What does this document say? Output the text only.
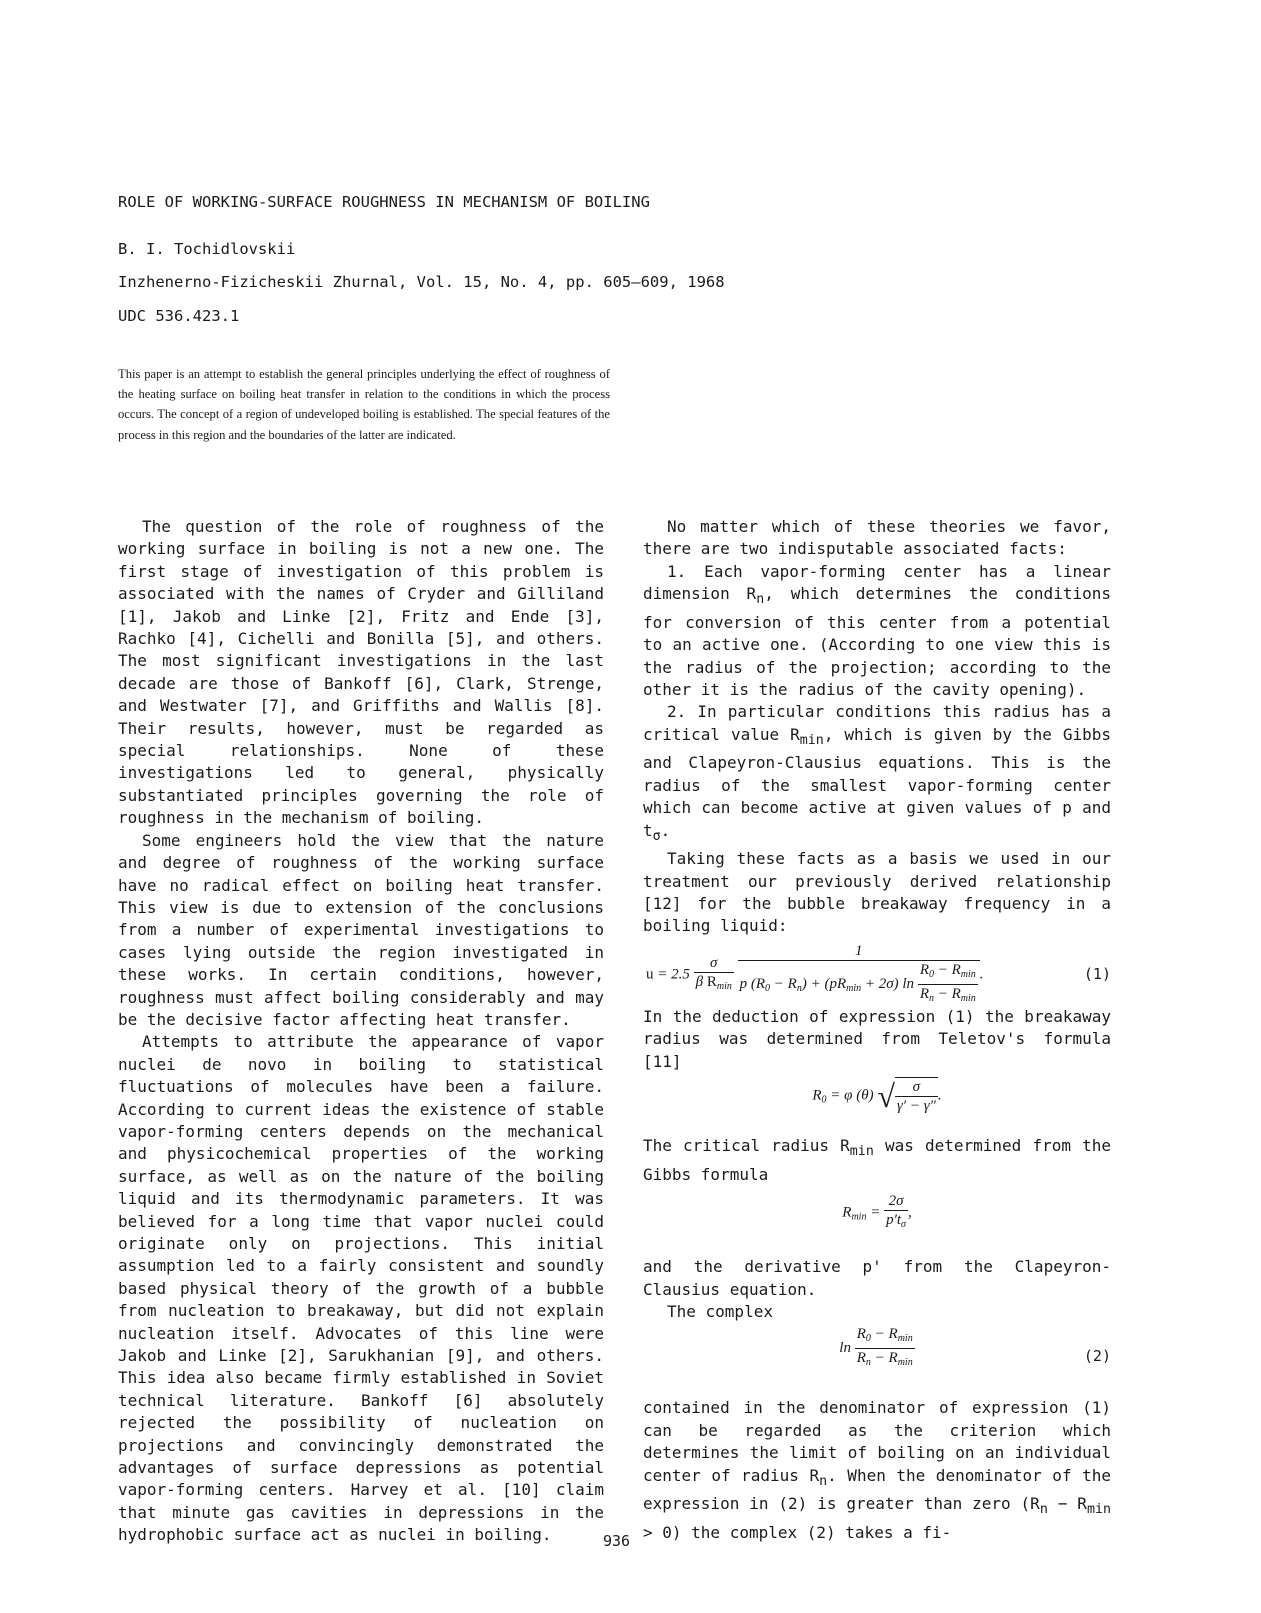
ROLE OF WORKING-SURFACE ROUGHNESS IN MECHANISM OF BOILING
B. I. Tochidlovskii
Inzhenerno-Fizicheskii Zhurnal, Vol. 15, No. 4, pp. 605–609, 1968
UDC 536.423.1

This paper is an attempt to establish the general principles underlying the effect of roughness of the heating surface on boiling heat transfer in relation to the conditions in which the process occurs. The concept of a region of undeveloped boiling is established. The special features of the process in this region and the boundaries of the latter are indicated.

The question of the role of roughness of the working surface in boiling is not a new one. The first stage of investigation of this problem is associated with the names of Cryder and Gilliland [1], Jakob and Linke [2], Fritz and Ende [3], Rachko [4], Cichelli and Bonilla [5], and others. The most significant investigations in the last decade are those of Bankoff [6], Clark, Strenge, and Westwater [7], and Griffiths and Wallis [8]. Their results, however, must be regarded as special relationships. None of these investigations led to general, physically substantiated principles governing the role of roughness in the mechanism of boiling.

Some engineers hold the view that the nature and degree of roughness of the working surface have no radical effect on boiling heat transfer. This view is due to extension of the conclusions from a number of experimental investigations to cases lying outside the region investigated in these works. In certain conditions, however, roughness must affect boiling considerably and may be the decisive factor affecting heat transfer.

Attempts to attribute the appearance of vapor nuclei de novo in boiling to statistical fluctuations of molecules have been a failure. According to current ideas the existence of stable vapor-forming centers depends on the mechanical and physicochemical properties of the working surface, as well as on the nature of the boiling liquid and its thermodynamic parameters. It was believed for a long time that vapor nuclei could originate only on projections. This initial assumption led to a fairly consistent and soundly based physical theory of the growth of a bubble from nucleation to breakaway, but did not explain nucleation itself. Advocates of this line were Jakob and Linke [2], Sarukhanian [9], and others. This idea also became firmly established in Soviet technical literature. Bankoff [6] absolutely rejected the possibility of nucleation on projections and convincingly demonstrated the advantages of surface depressions as potential vapor-forming centers. Harvey et al. [10] claim that minute gas cavities in depressions in the hydrophobic surface act as nuclei in boiling.

No matter which of these theories we favor, there are two indisputable associated facts:

1. Each vapor-forming center has a linear dimension $R_n$, which determines the conditions for conversion of this center from a potential to an active one. (According to one view this is the radius of the projection; according to the other it is the radius of the cavity opening).

2. In particular conditions this radius has a critical value $R_{min}$, which is given by the Gibbs and Clapeyron-Clausius equations. This is the radius of the smallest vapor-forming center which can become active at given values of p and $t_\sigma$.

Taking these facts as a basis we used in our treatment our previously derived relationship [12] for the bubble breakaway frequency in a boiling liquid:

$u = 2.5 \frac{\sigma}{\beta R_{min}}$
$\frac{1}{p (R_0 - R_n) + (pR_{min} + 2\sigma) \ln \frac{R_0 - R_{min}}{R_n - R_{min}}}$ .	(1)

In the deduction of expression (1) the breakaway radius was determined from Teletov's formula [11]

$R_0 = \varphi$ (θ) √ $\frac{\sigma}{\gamma' - \gamma''}$ .

The critical radius $R_{min}$ was determined from the Gibbs formula

$R_{min} = \frac{2\sigma}{p't_\sigma}$ ,

and the derivative p' from the Clapeyron-Clausius equation.

The complex

$\ln \frac{R_0 - R_{min}}{R_n - R_{min}}$	(2)

contained in the denominator of expression (1) can be regarded as the criterion which determines the limit of boiling on an individual center of radius $R_n$. When the denominator of the expression in (2) is greater than zero $(R_n - R_{min} > 0)$ the complex (2) takes a fi-

936
